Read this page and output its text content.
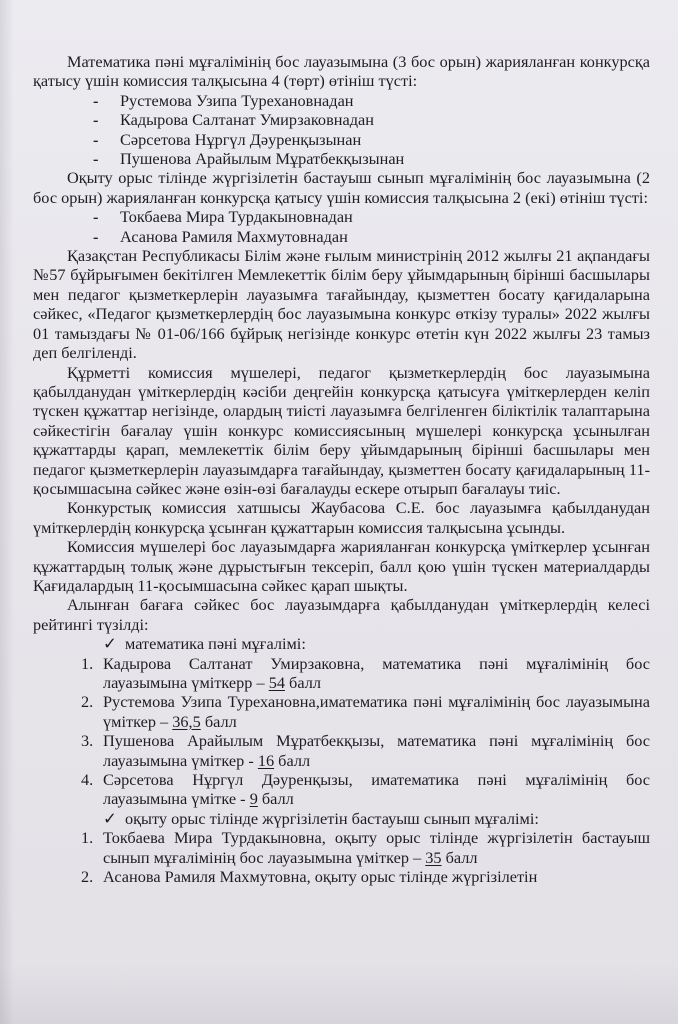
Математика пәні мұғалімінің бос лауазымына (3 бос орын) жарияланған конкурсқа қатысу үшін комиссия талқысына 4 (төрт) өтініш түсті:

- Рустемова Узипа Турехановнадан
- Кадырова Салтанат Умирзаковнадан
- Сәрсетова Нұргүл Дәуренқызынан
- Пушенова Арайылым Мұратбекқызынан

Оқыту орыс тілінде жүргізілетін бастауыш сынып мұғалімінің бос лауазымына (2 бос орын) жарияланған конкурсқа қатысу үшін комиссия талқысына 2 (екі) өтініш түсті:

- Токбаева Мира Турдакыновнадан
- Асанова Рамиля Махмутовнадан

Қазақстан Республикасы Білім және ғылым министрінің 2012 жылғы 21 ақпандағы №57 бұйрығымен бекітілген Мемлекеттік білім беру ұйымдарының бірінші басшылары мен педагог қызметкерлерін лауазымға тағайындау, қызметтен босату қағидаларына сәйкес, «Педагог қызметкерлердің бос лауазымына конкурс өткізу туралы» 2022 жылғы 01 тамыздағы № 01-06/166 бұйрық негізінде конкурс өтетін күн 2022 жылғы 23 тамыз деп белгіленді.

Құрметті комиссия мүшелері, педагог қызметкерлердің бос лауазымына қабылданудан үміткерлердің кәсіби деңгейін конкурсқа қатысуға үміткерлерден келіп түскен құжаттар негізінде, олардың тиісті лауазымға белгіленген біліктілік талаптарына сәйкестігін бағалау үшін конкурс комиссиясының мүшелері конкурсқа ұсынылған құжаттарды қарап, мемлекеттік білім беру ұйымдарының бірінші басшылары мен педагог қызметкерлерін лауазымдарға тағайындау, қызметтен босату қағидаларының 11-қосымшасына сәйкес және өзін-өзі бағалауды ескере отырып бағалауы тиіс.

Конкурстық комиссия хатшысы Жаубасова С.Е. бос лауазымға қабылданудан үміткерлердің конкурсқа ұсынған құжаттарын комиссия талқысына ұсынды.

Комиссия мүшелері бос лауазымдарға жарияланған конкурсқа үміткерлер ұсынған құжаттардың толық және дұрыстығын тексеріп, балл қою үшін түскен материалдарды Қағидалардың 11-қосымшасына сәйкес қарап шықты.

Алынған бағаға сәйкес бос лауазымдарға қабылданудан үміткерлердің келесі рейтингі түзілді:

✓ математика пәні мұғалімі:
1. Кадырова Салтанат Умирзаковна, математика пәні мұғалімінің бос лауазымына үміткерр – 54 балл

2. Рустемова Узипа Турехановна,иматематика пәні мұғалімінің бос лауазымына үміткер – 36,5 балл

3. Пушенова Арайылым Мұратбекқызы, математика пәні мұғалімінің бос лауазымына үміткер - 16 балл

4. Сәрсетова Нұргүл Дәуренқызы, иматематика пәні мұғалімінің бос лауазымына үмітке - 9 балл

✓ оқыту орыс тілінде жүргізілетін бастауыш сынып мұғалімі:
1. Токбаева Мира Турдакыновна, оқыту орыс тілінде жүргізілетін бастауыш сынып мұғалімінің бос лауазымына үміткер – 35 балл

2. Асанова Рамиля Махмутовна, оқыту орыс тілінде жүргізілетін
